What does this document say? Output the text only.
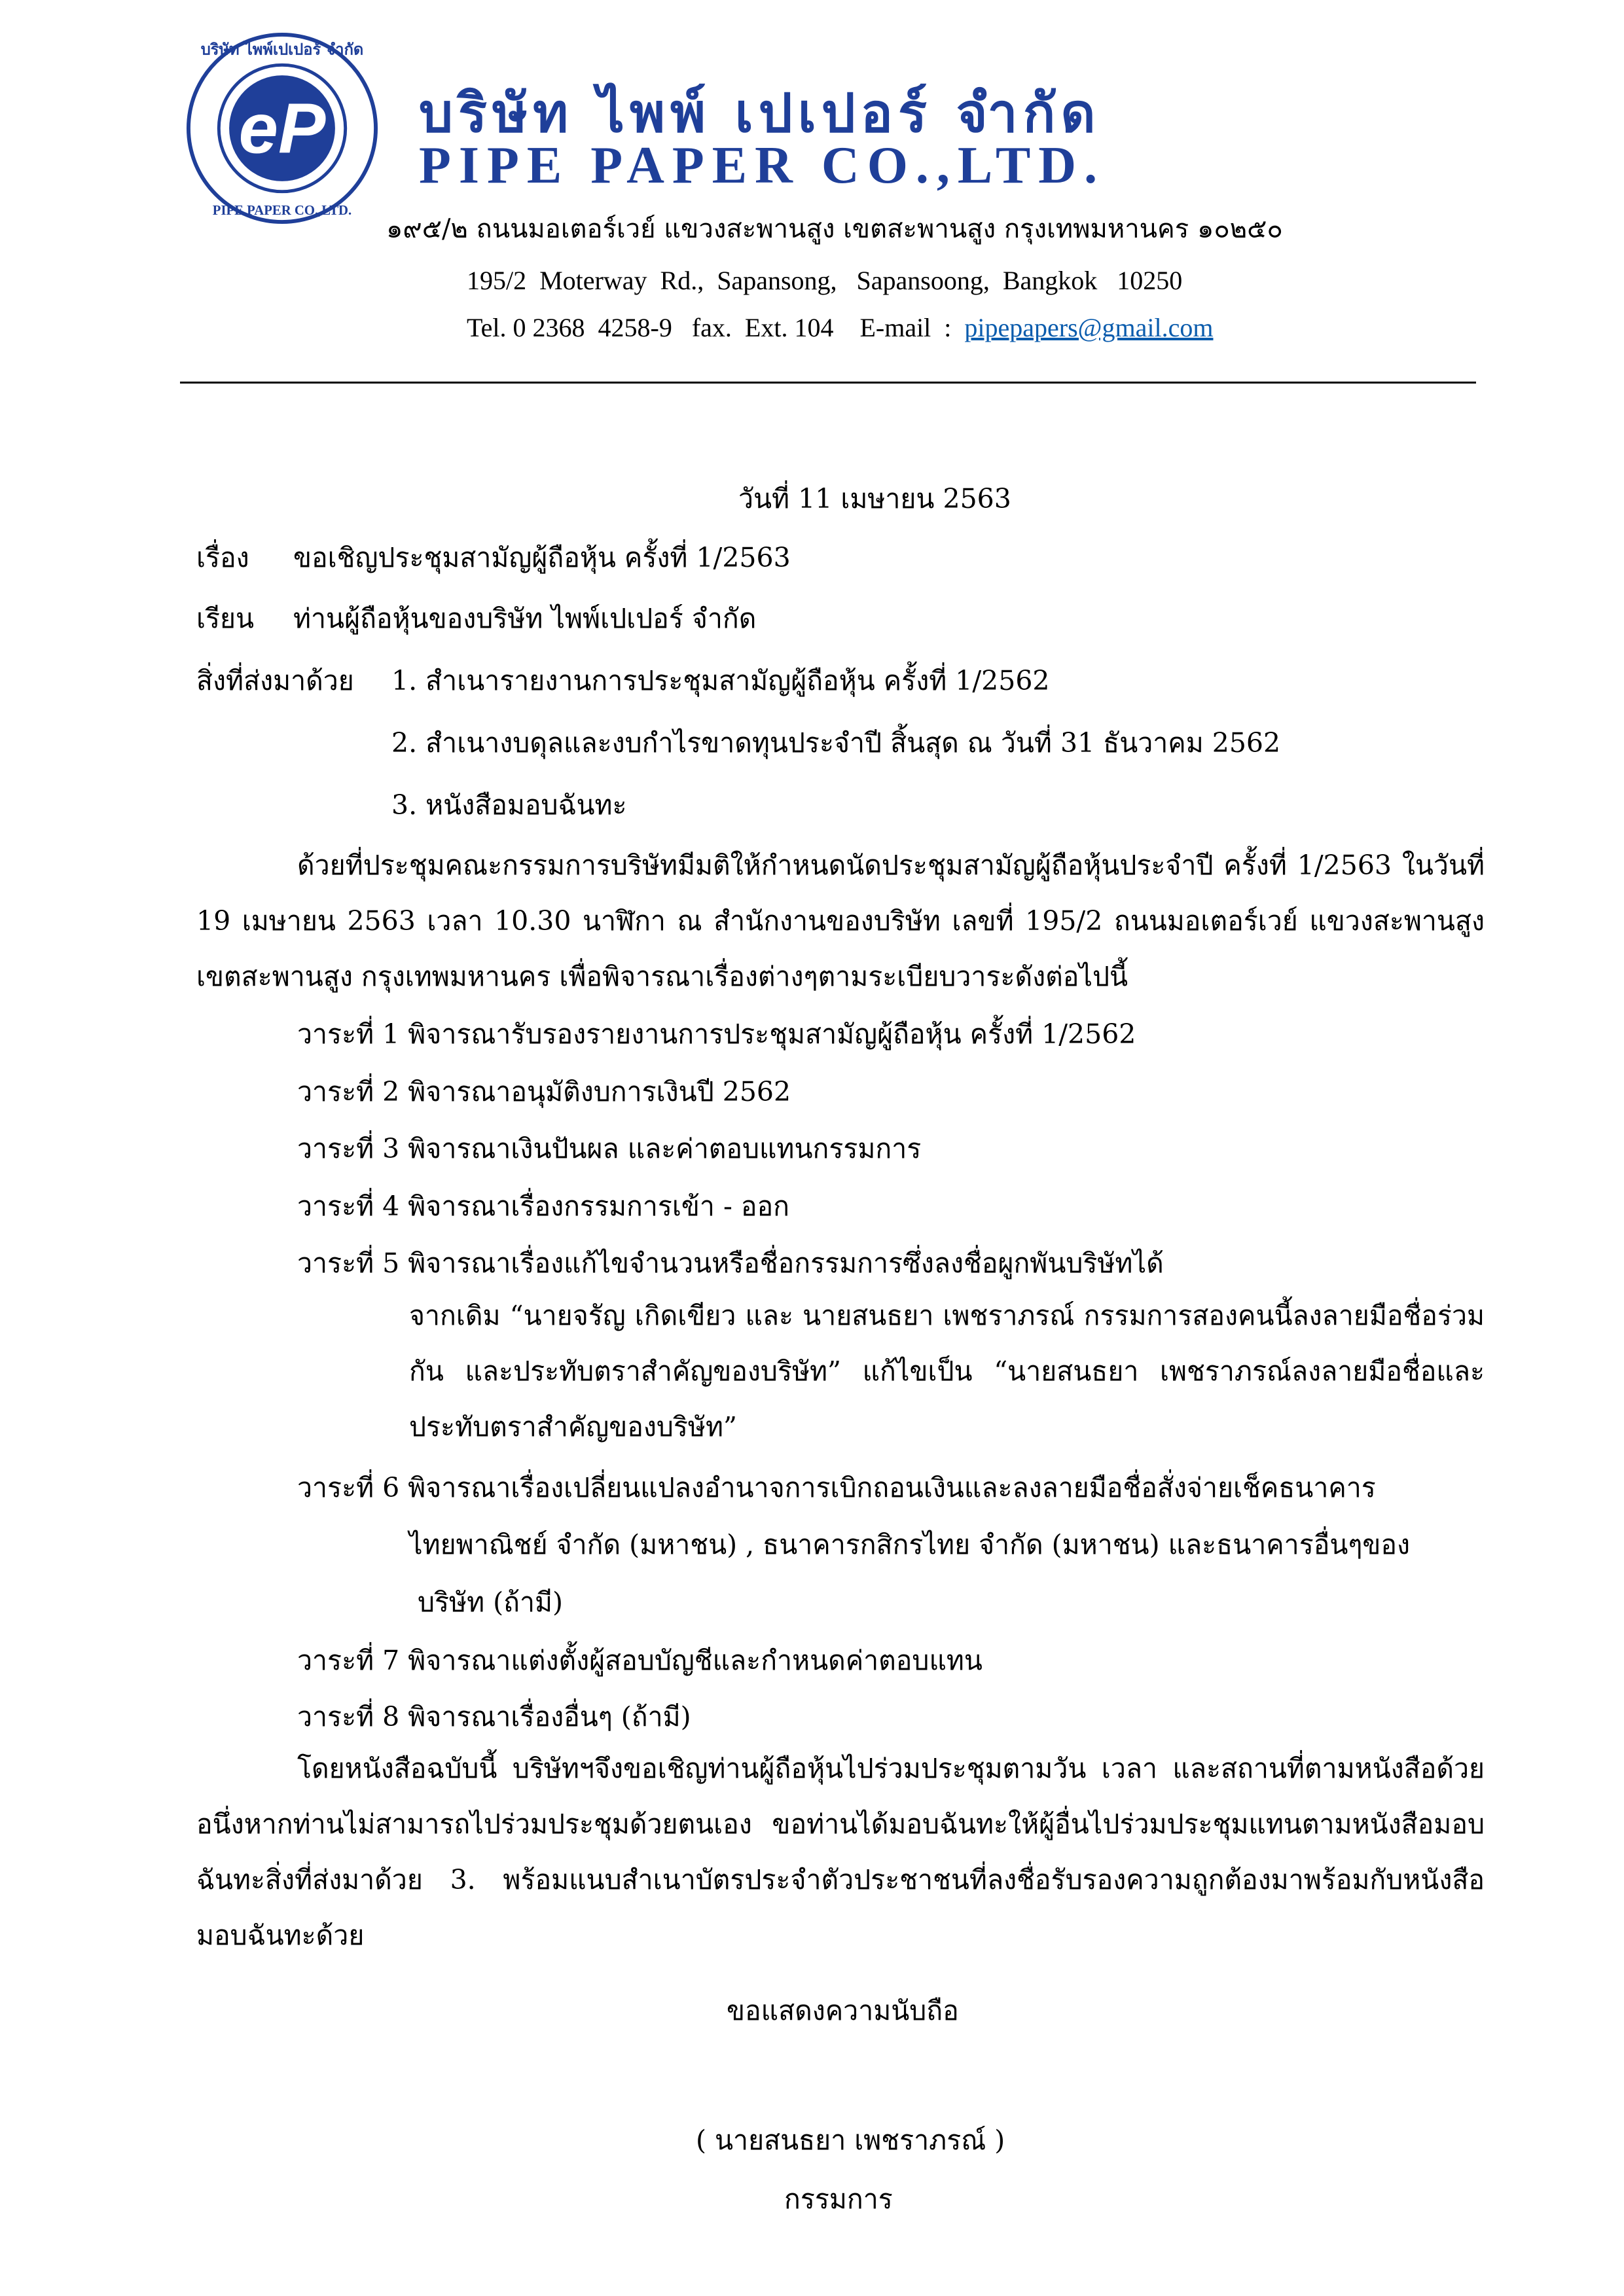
บริษัท ไพพ์เปเปอร์ จำกัด
PIPE PAPER CO.,LTD.
eP บริษัท ไพพ์ เปเปอร์ จำกัด
PIPE PAPER CO.,LTD.
๑๙๕/๒ ถนนมอเตอร์เวย์ แขวงสะพานสูง เขตสะพานสูง กรุงเทพมหานคร ๑๐๒๕๐
195/2  Moterway  Rd.,  Sapansong,   Sapansoong,  Bangkok   10250
Tel. 0 2368  4258-9   fax.  Ext. 104    E-mail  :  pipepapers@gmail.com
วันที่ 11 เมษายน 2563
เรื่อง ขอเชิญประชุมสามัญผู้ถือหุ้น ครั้งที่ 1/2563
เรียน ท่านผู้ถือหุ้นของบริษัท ไพพ์เปเปอร์ จำกัด
สิ่งที่ส่งมาด้วย 1. สำเนารายงานการประชุมสามัญผู้ถือหุ้น ครั้งที่ 1/2562
2. สำเนางบดุลและงบกำไรขาดทุนประจำปี สิ้นสุด ณ วันที่ 31 ธันวาคม 2562
3. หนังสือมอบฉันทะ
ด้วยที่ประชุมคณะกรรมการบริษัทมีมติให้กำหนดนัดประชุมสามัญผู้ถือหุ้นประจำปี ครั้งที่ 1/2563 ในวันที่ 19 เมษายน 2563 เวลา 10.30 นาฬิกา ณ สำนักงานของบริษัท เลขที่ 195/2 ถนนมอเตอร์เวย์ แขวงสะพานสูง เขตสะพานสูง กรุงเทพมหานคร เพื่อพิจารณาเรื่องต่างๆตามระเบียบวาระดังต่อไปนี้
วาระที่ 1 พิจารณารับรองรายงานการประชุมสามัญผู้ถือหุ้น ครั้งที่ 1/2562
วาระที่ 2 พิจารณาอนุมัติงบการเงินปี 2562
วาระที่ 3 พิจารณาเงินปันผล และค่าตอบแทนกรรมการ
วาระที่ 4 พิจารณาเรื่องกรรมการเข้า - ออก
วาระที่ 5 พิจารณาเรื่องแก้ไขจำนวนหรือชื่อกรรมการซึ่งลงชื่อผูกพันบริษัทได้
จากเดิม “นายจรัญ เกิดเขียว และ นายสนธยา เพชราภรณ์ กรรมการสองคนนี้ลงลายมือชื่อร่วมกัน และประทับตราสำคัญของบริษัท” แก้ไขเป็น “นายสนธยา เพชราภรณ์ลงลายมือชื่อและประทับตราสำคัญของบริษัท”
วาระที่ 6 พิจารณาเรื่องเปลี่ยนแปลงอำนาจการเบิกถอนเงินและลงลายมือชื่อสั่งจ่ายเช็คธนาคาร
ไทยพาณิชย์ จำกัด (มหาชน) , ธนาคารกสิกรไทย จำกัด (มหาชน) และธนาคารอื่นๆของ
บริษัท (ถ้ามี)
วาระที่ 7 พิจารณาแต่งตั้งผู้สอบบัญชีและกำหนดค่าตอบแทน
วาระที่ 8 พิจารณาเรื่องอื่นๆ (ถ้ามี)
โดยหนังสือฉบับนี้ บริษัทฯจึงขอเชิญท่านผู้ถือหุ้นไปร่วมประชุมตามวัน เวลา และสถานที่ตามหนังสือด้วย อนึ่งหากท่านไม่สามารถไปร่วมประชุมด้วยตนเอง ขอท่านได้มอบฉันทะให้ผู้อื่นไปร่วมประชุมแทนตามหนังสือมอบฉันทะสิ่งที่ส่งมาด้วย 3. พร้อมแนบสำเนาบัตรประจำตัวประชาชนที่ลงชื่อรับรองความถูกต้องมาพร้อมกับหนังสือมอบฉันทะด้วย
ขอแสดงความนับถือ
( นายสนธยา เพชราภรณ์ )
กรรมการ
